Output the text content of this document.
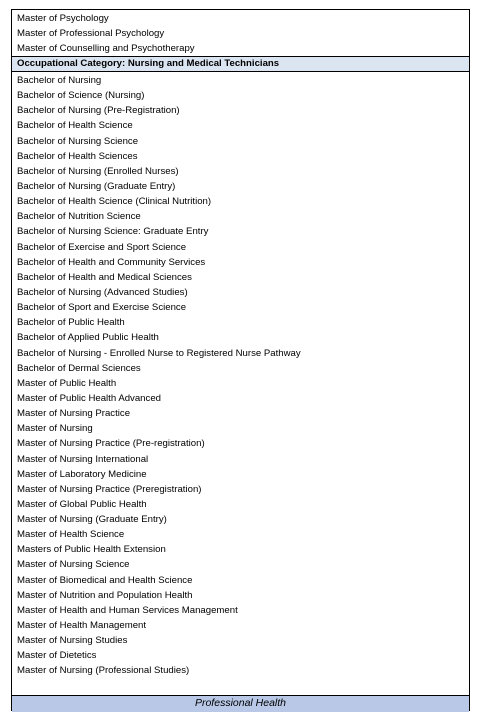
Master of Psychology
Master of Professional Psychology
Master of Counselling and Psychotherapy
Occupational Category: Nursing and Medical Technicians
Bachelor of Nursing
Bachelor of Science (Nursing)
Bachelor of Nursing (Pre-Registration)
Bachelor of Health Science
Bachelor of Nursing Science
Bachelor of Health Sciences
Bachelor of Nursing (Enrolled Nurses)
Bachelor of Nursing (Graduate Entry)
Bachelor of Health Science (Clinical Nutrition)
Bachelor of Nutrition Science
Bachelor of Nursing Science: Graduate Entry
Bachelor of Exercise and Sport Science
Bachelor of Health and Community Services
Bachelor of Health and Medical Sciences
Bachelor of Nursing (Advanced Studies)
Bachelor of Sport and Exercise Science
Bachelor of Public Health
Bachelor of Applied Public Health
Bachelor of Nursing - Enrolled Nurse to Registered Nurse Pathway
Bachelor of Dermal Sciences
Master of Public Health
Master of Public Health Advanced
Master of Nursing Practice
Master of Nursing
Master of Nursing Practice (Pre-registration)
Master of Nursing International
Master of Laboratory Medicine
Master of Nursing Practice (Preregistration)
Master of Global Public Health
Master of Nursing (Graduate Entry)
Master of Health Science
Masters of Public Health Extension
Master of Nursing Science
Master of Biomedical and Health Science
Master of Nutrition and Population Health
Master of Health and Human Services Management
Master of Health Management
Master of Nursing Studies
Master of Dietetics
Master of Nursing (Professional Studies)
Professional Health
